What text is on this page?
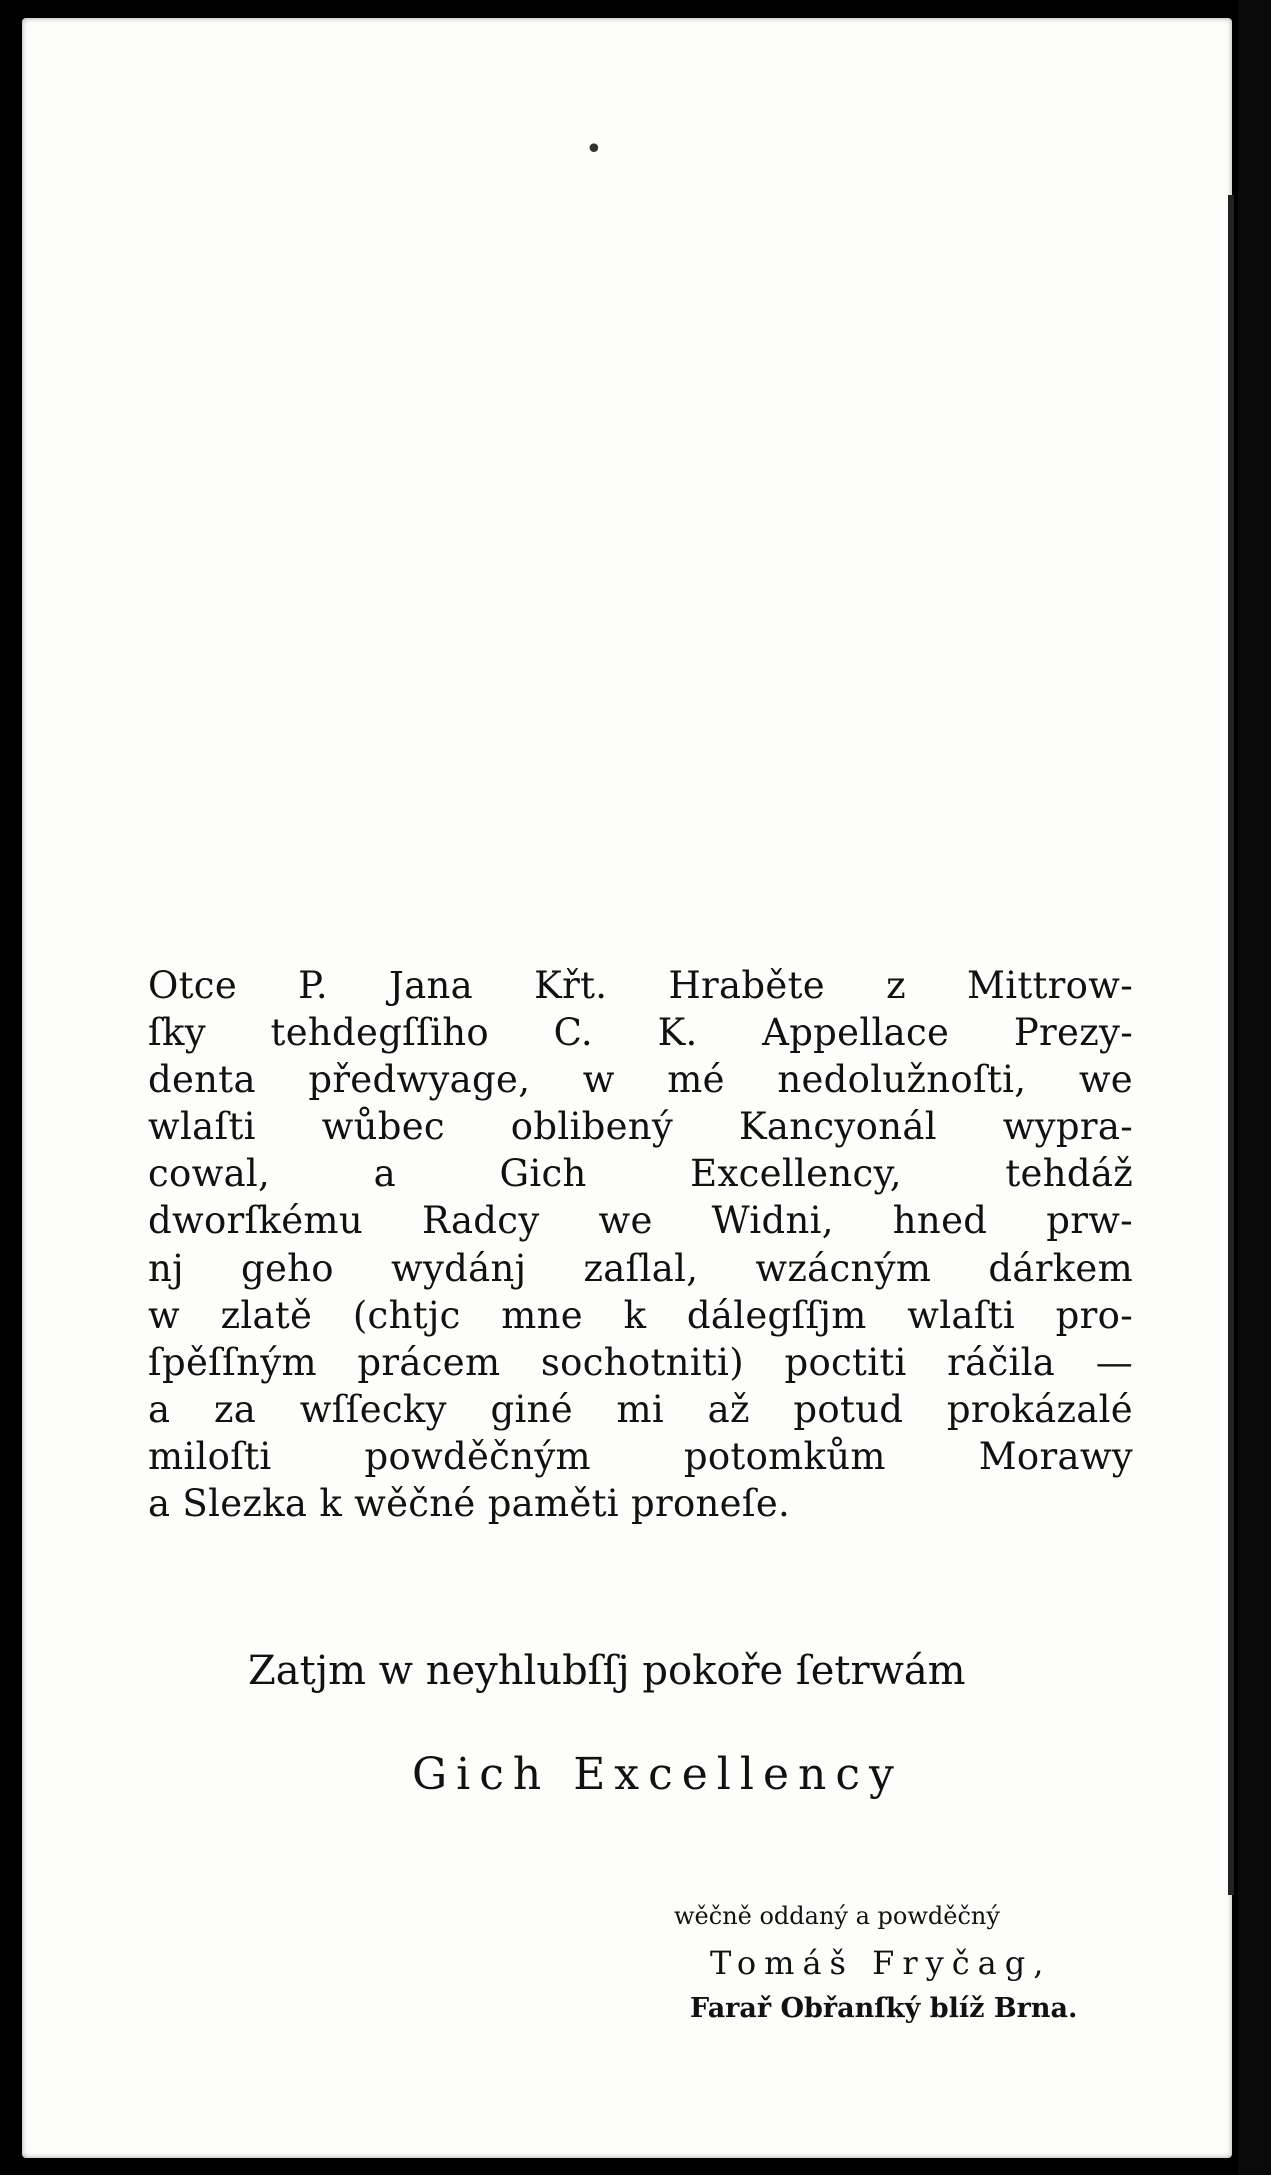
•
Otce P. Jana Křt. Hraběte z Mittrow-
ſky tehdegſſiho C. K. Appellace Prezy-
denta předwyage, w mé nedolužnoſti, we
wlaſti wůbec oblibený Kancyonál wypra-
cowal, a Gich Excellency, tehdáž
dworſkému Radcy we Widni, hned prw-
nj geho wydánj zaſlal, wzácným dárkem
w zlatě (chtjc mne k dálegſſjm wlaſti pro-
ſpěſſným prácem sochotniti) poctiti ráčila —
a za wſſecky giné mi až potud prokázalé
miloſti powděčným potomkům Morawy
a Slezka k wěčné paměti proneſe.
Zatjm w neyhlubſſj pokoře ſetrwám
Gich Excellency
wěčně oddaný a powděčný
Tomáš Fryčag,
Farař Obřanſký blíž Brna.
